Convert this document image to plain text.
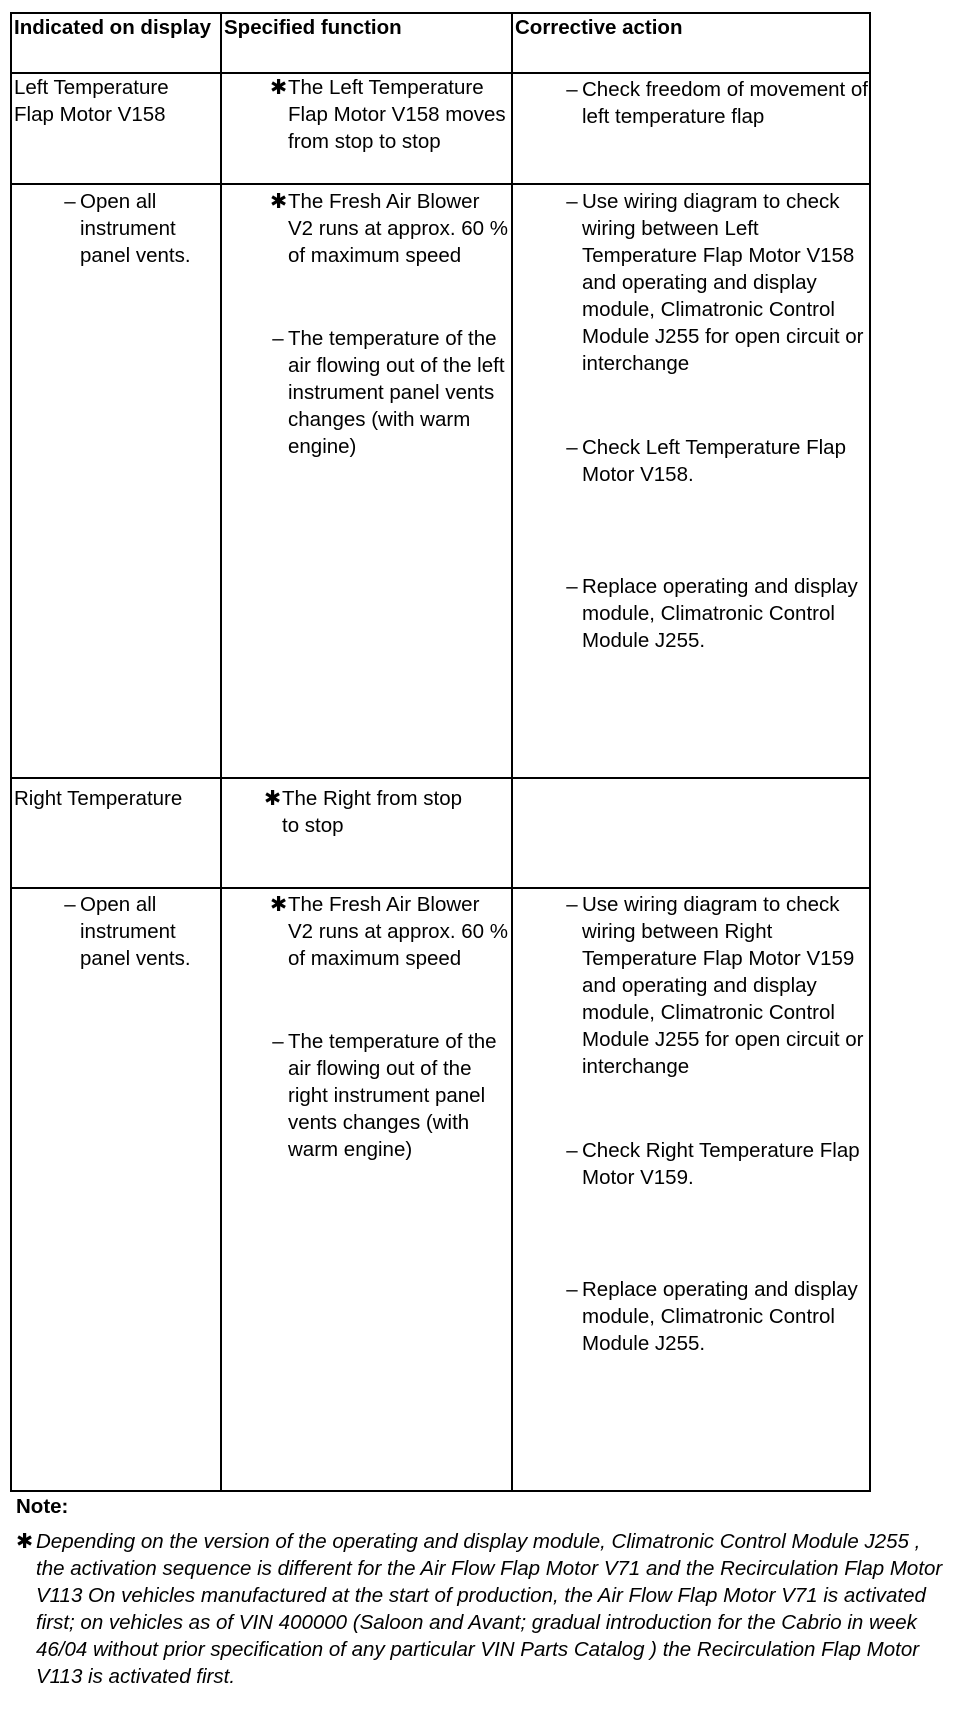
Indicated on display Specified function	Corrective action
Left Temperature Flap Motor V158
✱ The Left Temperature Flap Motor V158 moves from stop to stop
– Check freedom of movement of left temperature flap
– Open all instrument panel vents.
✱ The Fresh Air Blower V2 runs at approx. 60 % of maximum speed
– The temperature of the air flowing out of the left instrument panel vents changes (with warm engine)
– Use wiring diagram to check wiring between Left Temperature Flap Motor V158 and operating and display module, Climatronic Control Module J255 for open circuit or interchange
– Check Left Temperature Flap Motor V158.
– Replace operating and display module, Climatronic Control Module J255.
Right Temperature	✱ The Right from stop to stop
– Open all instrument panel vents.
✱ The Fresh Air Blower V2 runs at approx. 60 % of maximum speed
– The temperature of the air flowing out of the right instrument panel vents changes (with warm engine)
– Use wiring diagram to check wiring between Right Temperature Flap Motor V159 and operating and display module, Climatronic Control Module J255 for open circuit or interchange
– Check Right Temperature Flap Motor V159.
– Replace operating and display module, Climatronic Control Module J255.
Note:
✱ Depending on the version of the operating and display module, Climatronic Control Module J255 , the activation sequence is different for the Air Flow Flap Motor V71 and the Recirculation Flap Motor V113 On vehicles manufactured at the start of production, the Air Flow Flap Motor V71 is activated first; on vehicles as of VIN 400000 (Saloon and Avant; gradual introduction for the Cabrio in week 46/04 without prior specification of any particular VIN Parts Catalog ) the Recirculation Flap Motor V113 is activated first.
